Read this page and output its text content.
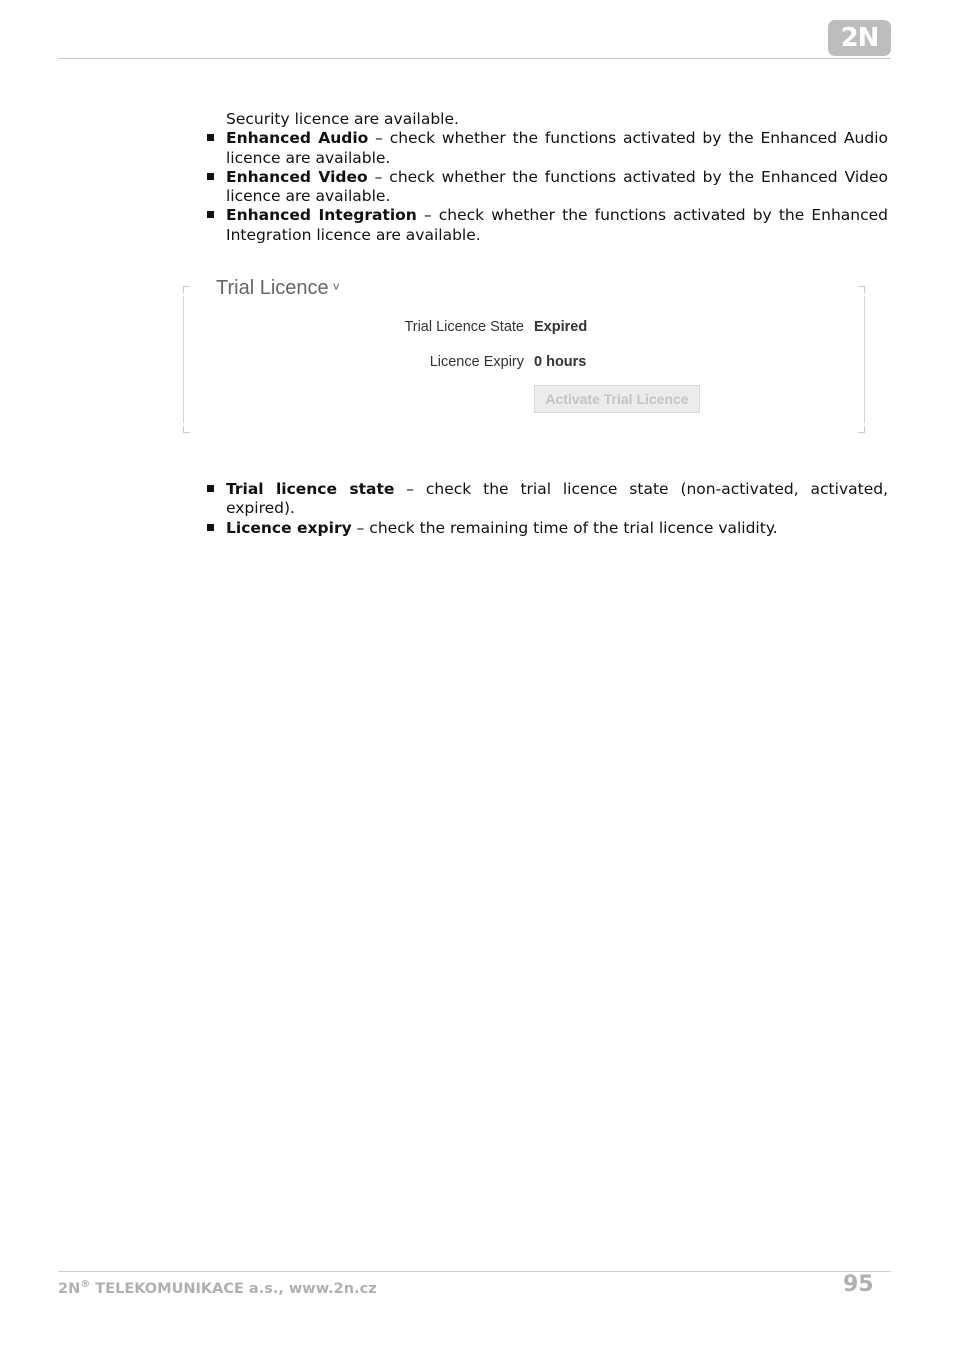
2N
Security licence are available.
Enhanced Audio – check whether the functions activated by the Enhanced Audio licence are available.
Enhanced Video – check whether the functions activated by the Enhanced Video licence are available.
Enhanced Integration – check whether the functions activated by the Enhanced Integration licence are available.
Trial Licence ˅
Trial Licence State Expired
Licence Expiry 0 hours
Activate Trial Licence
Trial licence state – check the trial licence state (non-activated, activated, expired).
Licence expiry – check the remaining time of the trial licence validity.
2N® TELEKOMUNIKACE a.s., www.2n.cz	95
